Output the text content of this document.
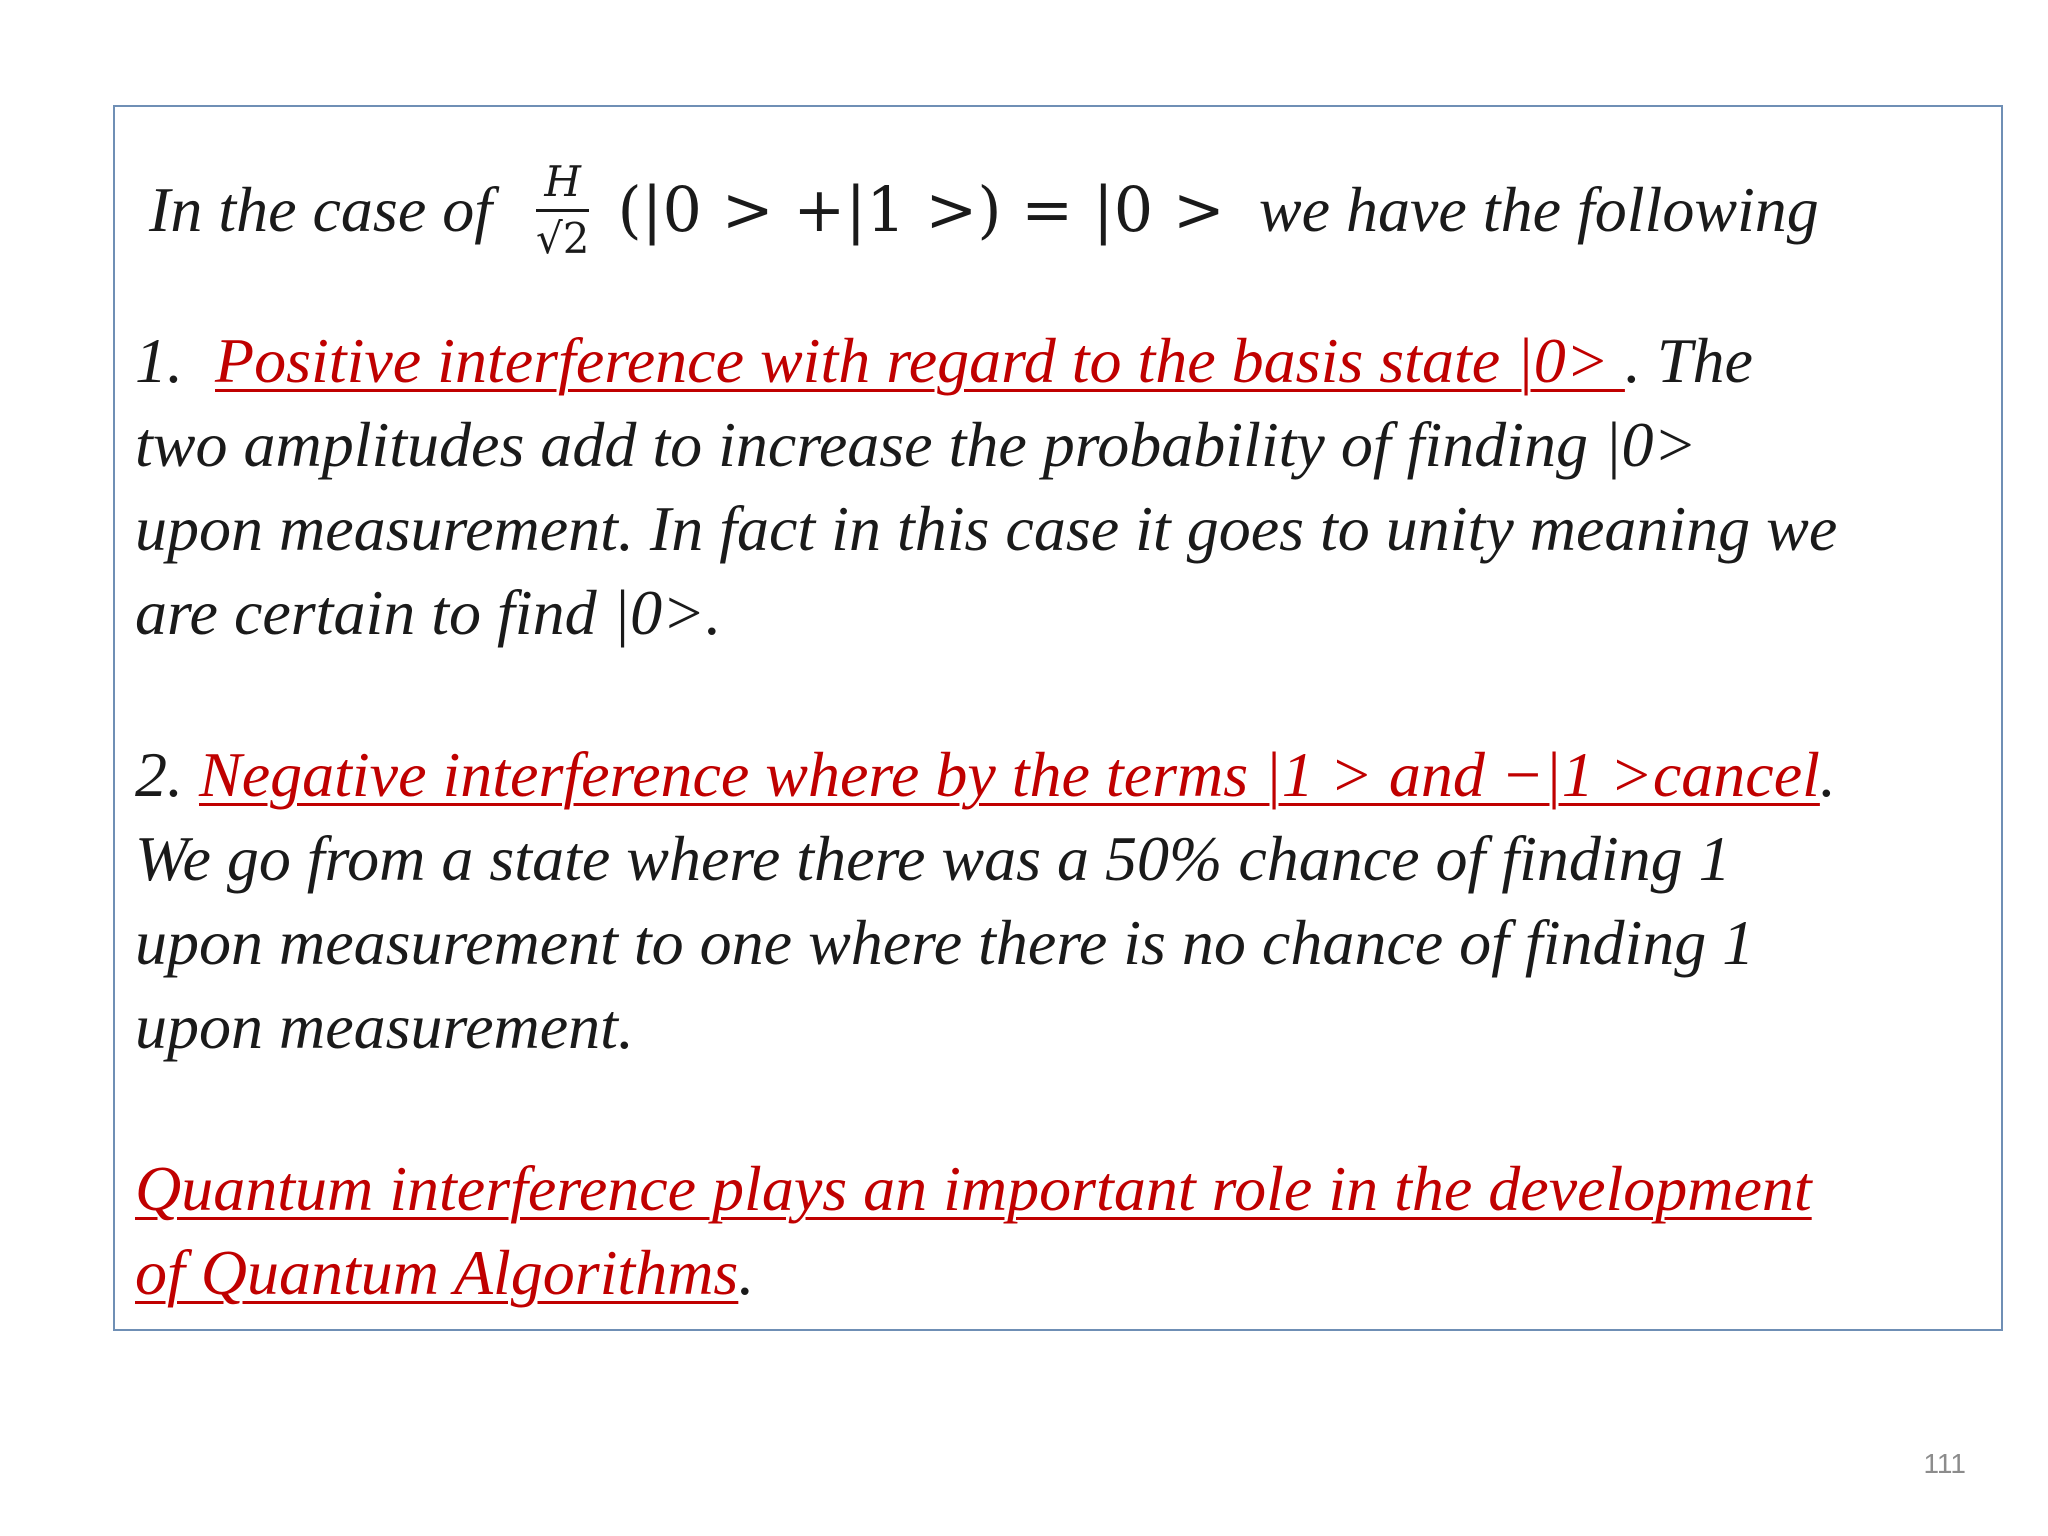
In the case of $\frac{H}{√2} (|0 > +|1$ >) = |0 > we have the following
1. Positive interference with regard to the basis state |0> . The
two amplitudes add to increase the probability of finding |0>
upon measurement. In fact in this case it goes to unity meaning we
are certain to find |0>.
2. Negative interference where by the terms |1 > and −|1 >cancel.
We go from a state where there was a 50% chance of finding 1
upon measurement to one where there is no chance of finding 1
upon measurement.
Quantum interference plays an important role in the development
of Quantum Algorithms.
111
